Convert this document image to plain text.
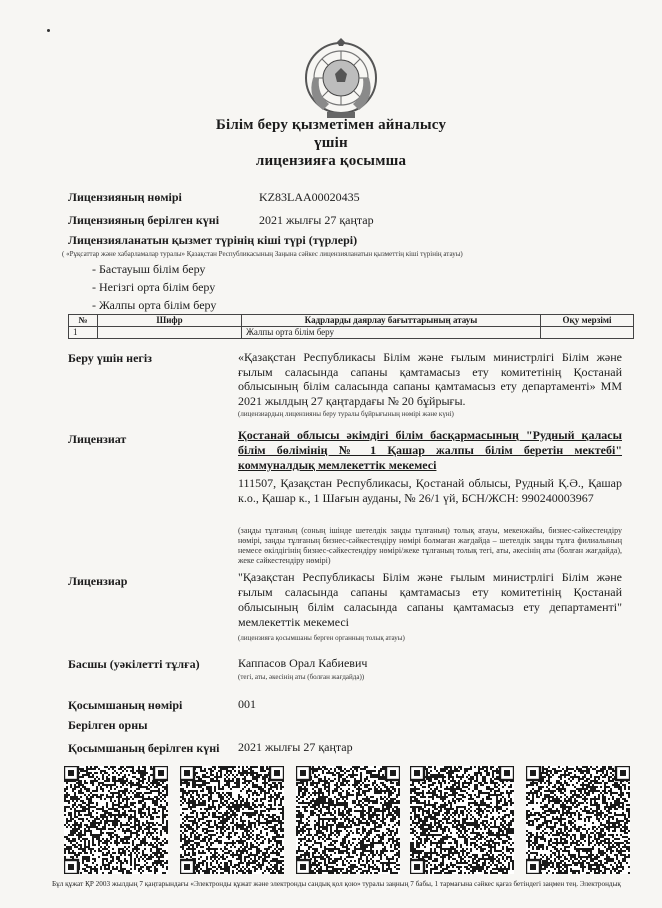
Білім беру қызметімен айналысу
үшін
лицензияға қосымша
Лицензияның нөмірі	KZ83LAA00020435
Лицензияның берілген күні	2021 жылғы 27 қаңтар
Лицензияланатын қызмет түрінің кіші түрі (түрлері)
( «Рұқсаттар және хабарламалар туралы» Қазақстан Республикасының Заңына сәйкес лицензияланатын қызметтің кіші түрінің атауы)
- Бастауыш білім беру
- Негізгі орта білім беру
- Жалпы орта білім беру
№	Шифр	Кадрларды даярлау бағыттарының атауы	Оқу мерзімі
1		Жалпы орта білім беру	
Беру үшін негіз	«Қазақстан Республикасы Білім және ғылым министрлігі Білім және ғылым саласында сапаны қамтамасыз ету комитетінің Қостанай облысының білім саласында сапаны қамтамасыз ету департаменті» ММ 2021 жылдың 27 қаңтардағы № 20 бұйрығы.
(лицензиардың лицензияны беру туралы бұйрығының нөмірі және күні)
Лицензиат	Қостанай облысы әкімдігі білім басқармасының "Рудный қаласы білім бөлімінің № 1 Қашар жалпы білім беретін мектебі" коммуналдық мемлекеттік мекемесі
111507, Қазақстан Республикасы, Қостанай облысы, Рудный Қ.Ә., Қашар к.о., Қашар к., 1 Шағын ауданы, № 26/1 үй, БСН/ЖСН: 990240003967
(заңды тұлғаның (соның ішінде шетелдік заңды тұлғаның) толық атауы, мекенжайы, бизнес-сәйкестендіру нөмірі, заңды тұлғаның бизнес-сәйкестендіру нөмірі болмаған жағдайда – шетелдік заңды тұлға филиалының немесе өкілдігінің бизнес-сәйкестендіру нөмірі/жеке тұлғаның толық тегі, аты, әкесінің аты (болған жағдайда), жеке сәйкестендіру нөмірі)
Лицензиар	"Қазақстан Республикасы Білім және ғылым министрлігі Білім және ғылым саласында сапаны қамтамасыз ету комитетінің Қостанай облысының білім саласында сапаны қамтамасыз ету департаменті" мемлекеттік мекемесі
(лицензияға қосымшаны берген органның толық атауы)
Басшы (уәкілетті тұлға)	Каппасов Орал Кабиевич
(тегі, аты, әкесінің аты (болған жағдайда))
Қосымшаның нөмірі	001
Берілген орны
Қосымшаның берілген күні 2021 жылғы 27 қаңтар
Бұл құжат ҚР 2003 жылдың 7 қаңтарындағы «Электронды құжат және электронды сандық қол қою» туралы заңның 7 бабы, 1 тармағына сәйкес қағаз бетіндегі заңмен тең. Электрондық
